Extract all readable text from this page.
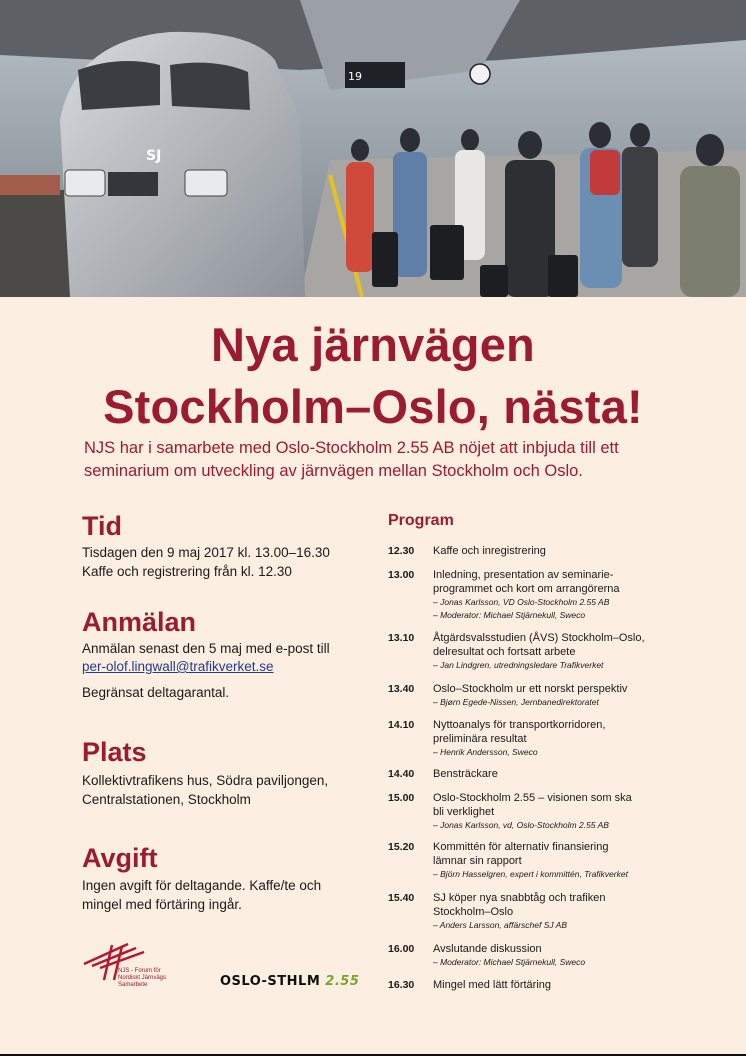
SJ
19
Nya järnvägen
Stockholm–Oslo, nästa!
NJS har i samarbete med Oslo-Stockholm 2.55 AB nöjet att inbjuda till ett seminarium om utveckling av järnvägen mellan Stockholm och Oslo.
Tid
Tisdagen den 9 maj 2017 kl. 13.00–16.30
Kaffe och registrering från kl. 12.30
Anmälan
Anmälan senast den 5 maj med e-post till
per-olof.lingwall@trafikverket.se
Begränsat deltagarantal.
Plats
Kollektivtrafikens hus, Södra paviljongen,
Centralstationen, Stockholm
Avgift
Ingen avgift för deltagande. Kaffe/te och
mingel med förtäring ingår.
Program
12.30	Kaffe och inregistrering
13.00	Inledning, presentation av seminarie-
programmet och kort om arrangörerna
– Jonas Karlsson, VD Oslo-Stockholm 2.55 AB
– Moderator: Michael Stjärnekull, Sweco
13.10	Åtgärdsvalsstudien (ÅVS) Stockholm–Oslo,
delresultat och fortsatt arbete
– Jan Lindgren, utredningsledare Trafikverket
13.40	Oslo–Stockholm ur ett norskt perspektiv
– Bjørn Egede-Nissen, Jernbanedirektoratet
14.10	Nyttoanalys för transportkorridoren,
preliminära resultat
– Henrik Andersson, Sweco
14.40	Bensträckare
15.00	Oslo-Stockholm 2.55 – visionen som ska
bli verklighet
– Jonas Karlsson, vd, Oslo-Stockholm 2.55 AB
15.20	Kommittén för alternativ finansiering
lämnar sin rapport
– Björn Hasselgren, expert i kommittén, Trafikverket
15.40	SJ köper nya snabbtåg och trafiken
Stockholm–Oslo
– Anders Larsson, affärschef SJ AB
16.00	Avslutande diskussion
– Moderator: Michael Stjärnekull, Sweco
16.30	Mingel med lätt förtäring
NJS - Forum för
Nordiskt Järnvägs
Samarbete	OSLO-STHLM 2.55
